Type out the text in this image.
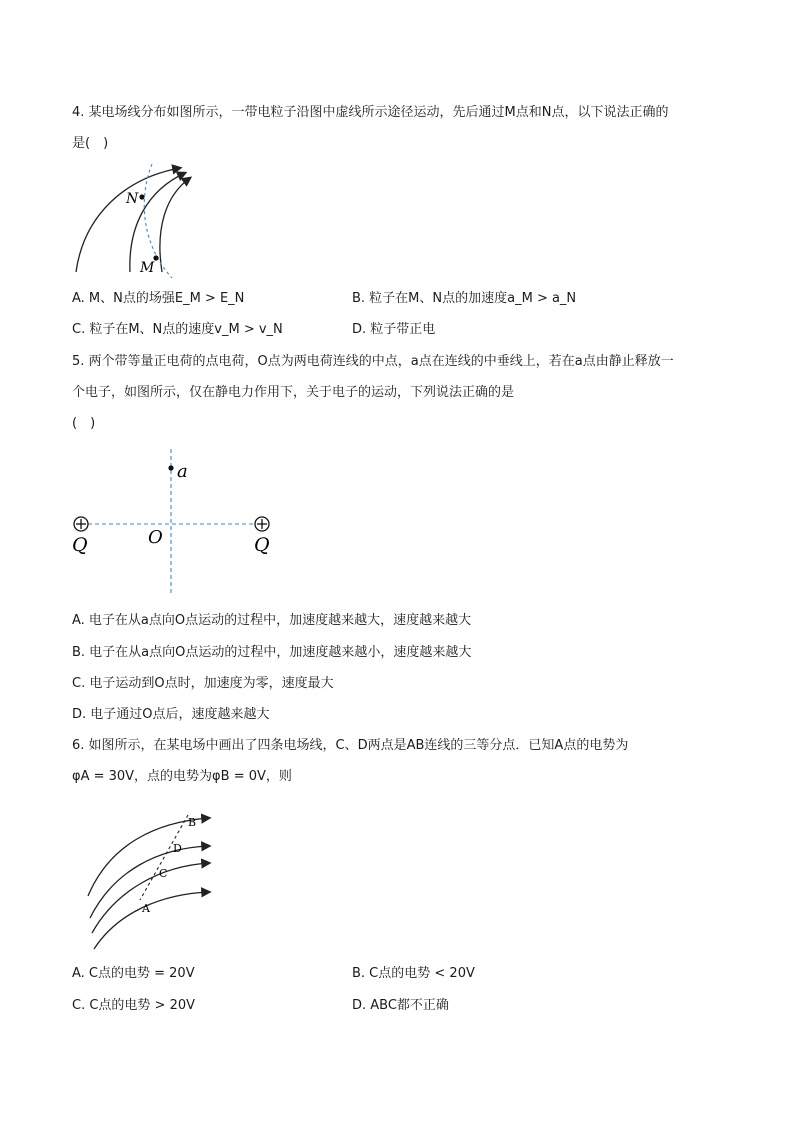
4. 某电场线分布如图所示，一带电粒子沿图中虚线所示途径运动，先后通过M点和N点，以下说法正确的
是(　)
N
M
A. M、N点的场强E_M > E_N	B. 粒子在M、N点的加速度a_M > a_N
C. 粒子在M、N点的速度v_M > v_N	D. 粒子带正电
5. 两个带等量正电荷的点电荷，O点为两电荷连线的中点，a点在连线的中垂线上，若在a点由静止释放一
个电子，如图所示，仅在静电力作用下，关于电子的运动，下列说法正确的是
(　)
a
Q	Q
O
A. 电子在从a点向O点运动的过程中，加速度越来越大，速度越来越大
B. 电子在从a点向O点运动的过程中，加速度越来越小，速度越来越大
C. 电子运动到O点时，加速度为零，速度最大
D. 电子通过O点后，速度越来越大
6. 如图所示，在某电场中画出了四条电场线，C、D两点是AB连线的三等分点．已知A点的电势为
φA = 30V，点的电势为φB = 0V，则
B
D
C
A
A. C点的电势 = 20V	B. C点的电势 < 20V
C. C点的电势 > 20V	D. ABC都不正确
